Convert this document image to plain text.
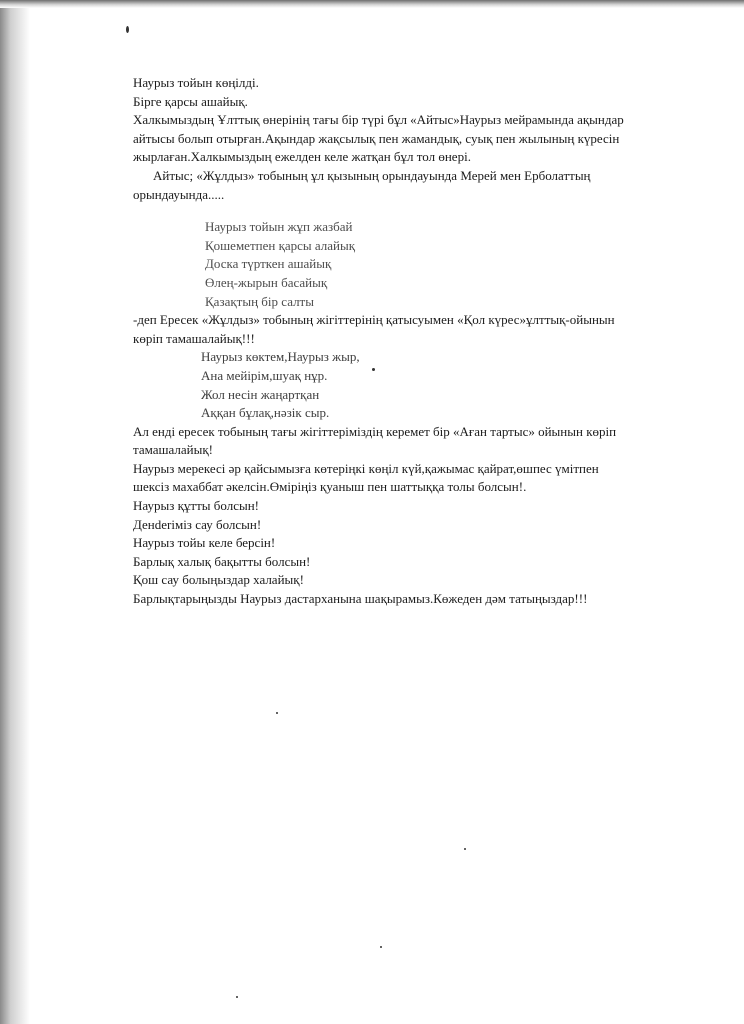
Наурыз тойын көңілді.
Бірге қарсы ашайық.
Халкымыздың Ұлттық өнерінің тағы бір түрі бұл «Айтыс»Наурыз мейрамында ақындар
айтысы болып отырған.Ақындар жақсылық пен жамандық, суық пен жылының күресін
жырлаған.Халкымыздың ежелден келе жатқан бұл тол өнері.
Айтыс; «Жұлдыз» тобының ұл қызының орындауында Мерей мен Ерболаттың
орындауында.....
Наурыз тойын жұп жазбай
Қошеметпен қарсы алайық
Доска түрткен ашайық
Өлең-жырын басайық
Қазақтың бір салты
-деп Ересек «Жұлдыз» тобының жігіттерінің қатысуымен «Қол күрес»ұлттық-ойынын
көріп тамашалайық!!!
Наурыз көктем,Наурыз жыр,
Ана мейірім,шуақ нұр.
Жол несін жаңартқан
Аққан бұлақ,нәзік сыр.
Ал енді ересек тобының тағы жігіттеріміздің керемет бір «Аған тартыс» ойынын көріп
тамашалайық!
Наурыз мерекесі әр қайсымызға көтеріңкі көңіл күй,қажымас қайрат,өшпес үмітпен
шексіз махаббат әкелсін.Өміріңіз қуаныш пен шаттыққа толы болсын!.
Наурыз құтты болсын!
Денderіміз сау болсын!
Наурыз тойы келе берсін!
Барлық халық бақытты болсын!
Қош сау болыңыздар халайық!
Барлықтарыңызды Наурыз дастарханына шақырамыз.Көжеден дәм татыңыздар!!!
